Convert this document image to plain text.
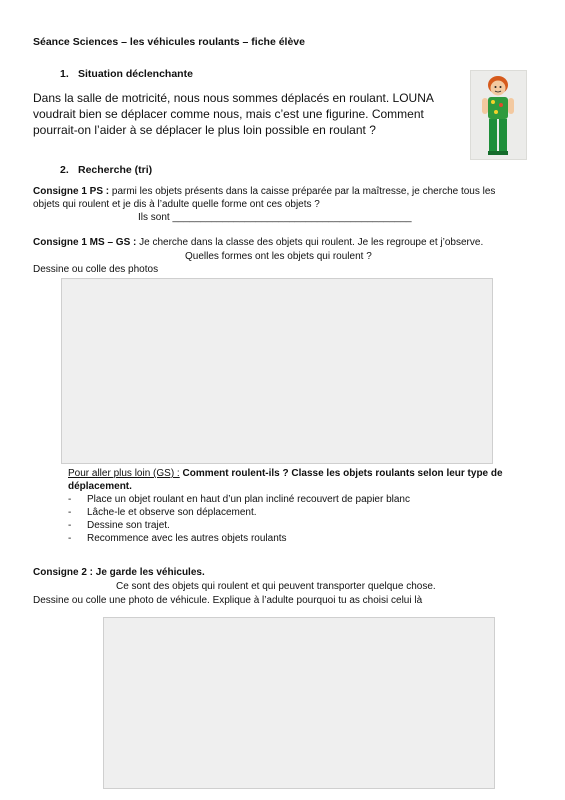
Séance Sciences – les véhicules roulants – fiche élève
1. Situation déclenchante
Dans la salle de motricité, nous nous sommes déplacés en roulant. LOUNA voudrait bien se déplacer comme nous, mais c’est une figurine. Comment pourrait-on l’aider à se déplacer le plus loin possible en roulant ?
2. Recherche (tri)
Consigne 1 PS : parmi les objets présents dans la caisse préparée par la maîtresse, je cherche tous les objets qui roulent et je dis à l’adulte quelle forme ont ces objets ?
Ils sont ___________________________________________
Consigne 1 MS – GS : Je cherche dans la classe des objets qui roulent. Je les regroupe et j’observe.
Quelles formes ont les objets qui roulent ?
Dessine ou colle des photos
Pour aller plus loin (GS) : Comment roulent-ils ? Classe les objets roulants selon leur type de déplacement.
- Place un objet roulant en haut d’un plan incliné recouvert de papier blanc
- Lâche-le et observe son déplacement.
- Dessine son trajet.
- Recommence avec les autres objets roulants
Consigne 2 : Je garde les véhicules.
Ce sont des objets qui roulent et qui peuvent transporter quelque chose.
Dessine ou colle une photo de véhicule. Explique à l’adulte pourquoi tu as choisi celui là
